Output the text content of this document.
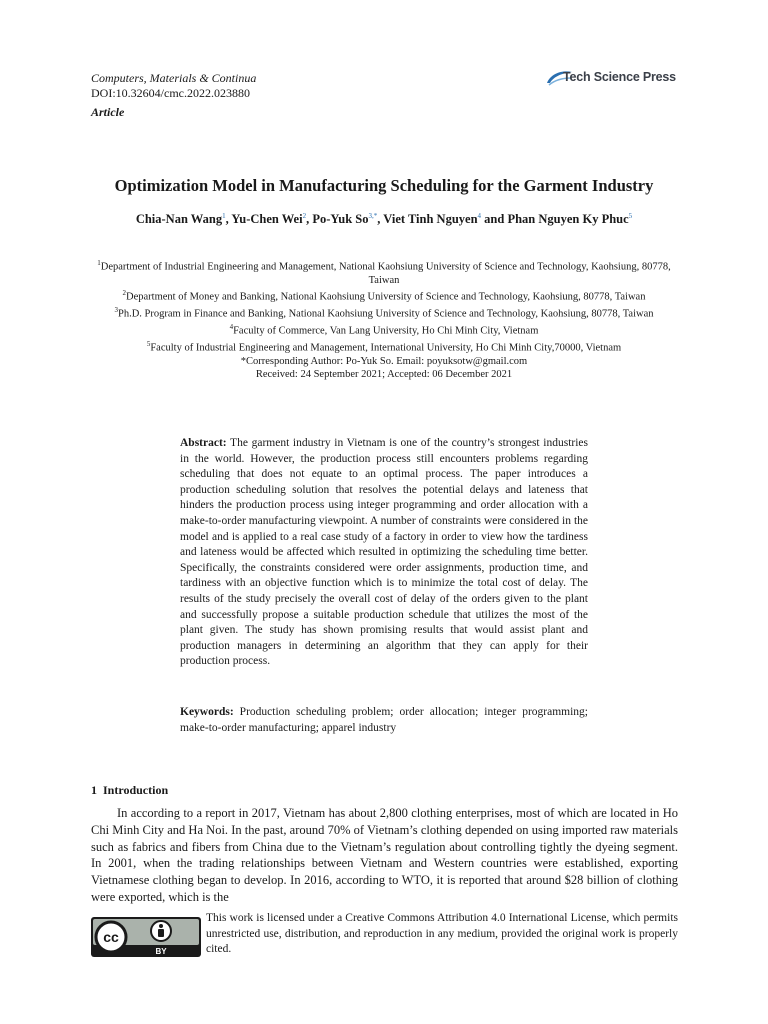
Computers, Materials & Continua
DOI:10.32604/cmc.2022.023880
Article
Tech Science Press
Optimization Model in Manufacturing Scheduling for the Garment Industry
Chia-Nan Wang$^1$, Yu-Chen Wei$^2$, Po-Yuk $So^{3,*}$, Viet Tinh Nguyen$^4$ and Phan Nguyen Ky Phuc$^5$
$^1$Department of Industrial Engineering and Management, National Kaohsiung University of Science and Technology, Kaohsiung, 80778, Taiwan
$^2$Department of Money and Banking, National Kaohsiung University of Science and Technology, Kaohsiung, 80778, Taiwan
$^3$Ph.D. Program in Finance and Banking, National Kaohsiung University of Science and Technology, Kaohsiung, 80778, Taiwan
$^4$Faculty of Commerce, Van Lang University, Ho Chi Minh City, Vietnam
$^5$Faculty of Industrial Engineering and Management, International University, Ho Chi Minh City,70000, Vietnam
*Corresponding Author: Po-Yuk So. Email: poyuksotw@gmail.com
Received: 24 September 2021; Accepted: 06 December 2021
Abstract: The garment industry in Vietnam is one of the country’s strongest industries in the world. However, the production process still encounters problems regarding scheduling that does not equate to an optimal process. The paper introduces a production scheduling solution that resolves the potential delays and lateness that hinders the production process using integer programming and order allocation with a make-to-order manufacturing viewpoint. A number of constraints were considered in the model and is applied to a real case study of a factory in order to view how the tardiness and lateness would be affected which resulted in optimizing the scheduling time better. Specifically, the constraints considered were order assignments, production time, and tardiness with an objective function which is to minimize the total cost of delay. The results of the study precisely the overall cost of delay of the orders given to the plant and successfully propose a suitable production schedule that utilizes the most of the plant given. The study has shown promising results that would assist plant and production managers in determining an algorithm that they can apply for their production process.
Keywords: Production scheduling problem; order allocation; integer programming; make-to-order manufacturing; apparel industry
1 Introduction
In according to a report in 2017, Vietnam has about 2,800 clothing enterprises, most of which are located in Ho Chi Minh City and Ha Noi. In the past, around 70% of Vietnam’s clothing depended on using imported raw materials such as fabrics and fibers from China due to the Vietnam’s regulation about controlling tightly the dyeing segment. In 2001, when the trading relationships between Vietnam and Western countries were established, exporting Vietnamese clothing began to develop. In 2016, according to WTO, it is reported that around $28 billion of clothing were exported, which is the
cc
BY
This work is licensed under a Creative Commons Attribution 4.0 International License, which permits unrestricted use, distribution, and reproduction in any medium, provided the original work is properly cited.
